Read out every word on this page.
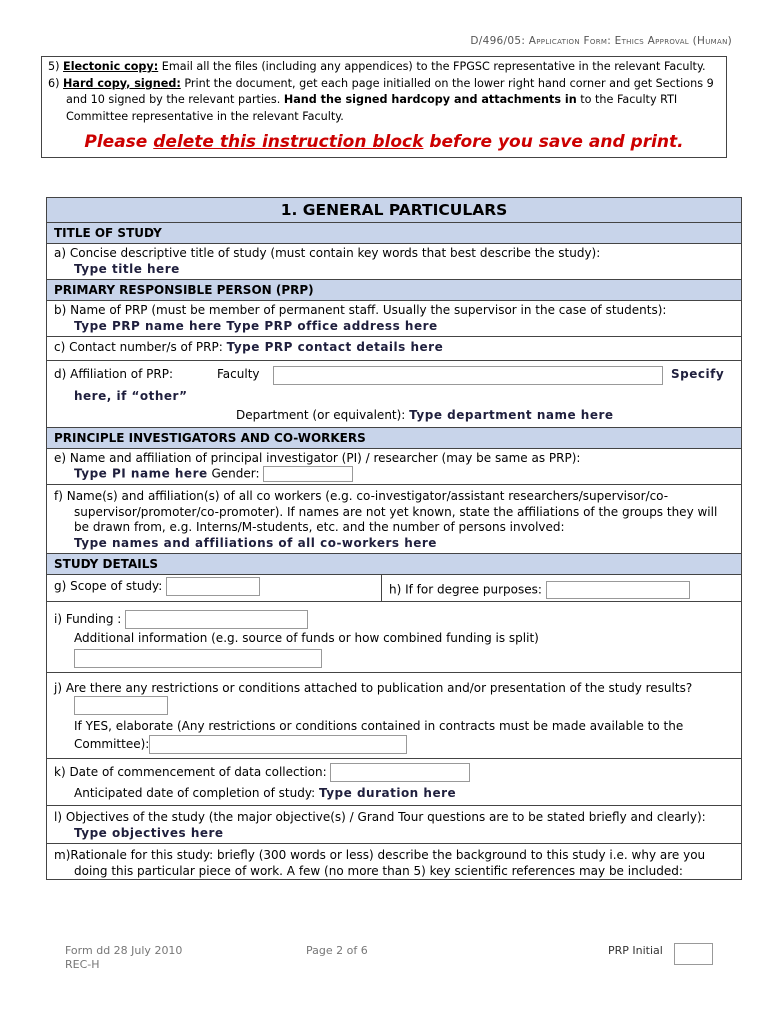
D/496/05: Application Form: Ethics Approval (Human)
5) Electonic copy: Email all the files (including any appendices) to the FPGSC representative in the relevant Faculty.
6) Hard copy, signed: Print the document, get each page initialled on the lower right hand corner and get Sections 9 and 10 signed by the relevant parties. Hand the signed hardcopy and attachments in to the Faculty RTI Committee representative in the relevant Faculty.
Please delete this instruction block before you save and print.
1. GENERAL PARTICULARS
TITLE OF STUDY
a) Concise descriptive title of study (must contain key words that best describe the study):
Type title here
PRIMARY RESPONSIBLE PERSON (PRP)
b) Name of PRP (must be member of permanent staff. Usually the supervisor in the case of students):
Type PRP name here Type PRP office address here
c) Contact number/s of PRP: Type PRP contact details here
d) Affiliation of PRP:	Faculty	Specify
here, if “other”
Department (or equivalent): Type department name here
PRINCIPLE INVESTIGATORS AND CO-WORKERS
e) Name and affiliation of principal investigator (PI) / researcher (may be same as PRP):
Type PI name here Gender:
f) Name(s) and affiliation(s) of all co workers (e.g. co-investigator/assistant researchers/supervisor/co-supervisor/promoter/co-promoter). If names are not yet known, state the affiliations of the groups they will be drawn from, e.g. Interns/M-students, etc. and the number of persons involved:
Type names and affiliations of all co-workers here
STUDY DETAILS
g) Scope of study:	h) If for degree purposes:
i) Funding :
Additional information (e.g. source of funds or how combined funding is split)
j) Are there any restrictions or conditions attached to publication and/or presentation of the study results?
If YES, elaborate (Any restrictions or conditions contained in contracts must be made available to the Committee):
k) Date of commencement of data collection:
Anticipated date of completion of study: Type duration here
l) Objectives of the study (the major objective(s) / Grand Tour questions are to be stated briefly and clearly):
Type objectives here
m)Rationale for this study: briefly (300 words or less) describe the background to this study i.e. why are you doing this particular piece of work. A few (no more than 5) key scientific references may be included:
Form dd 28 July 2010
REC-H
Page 2 of 6	PRP Initial
